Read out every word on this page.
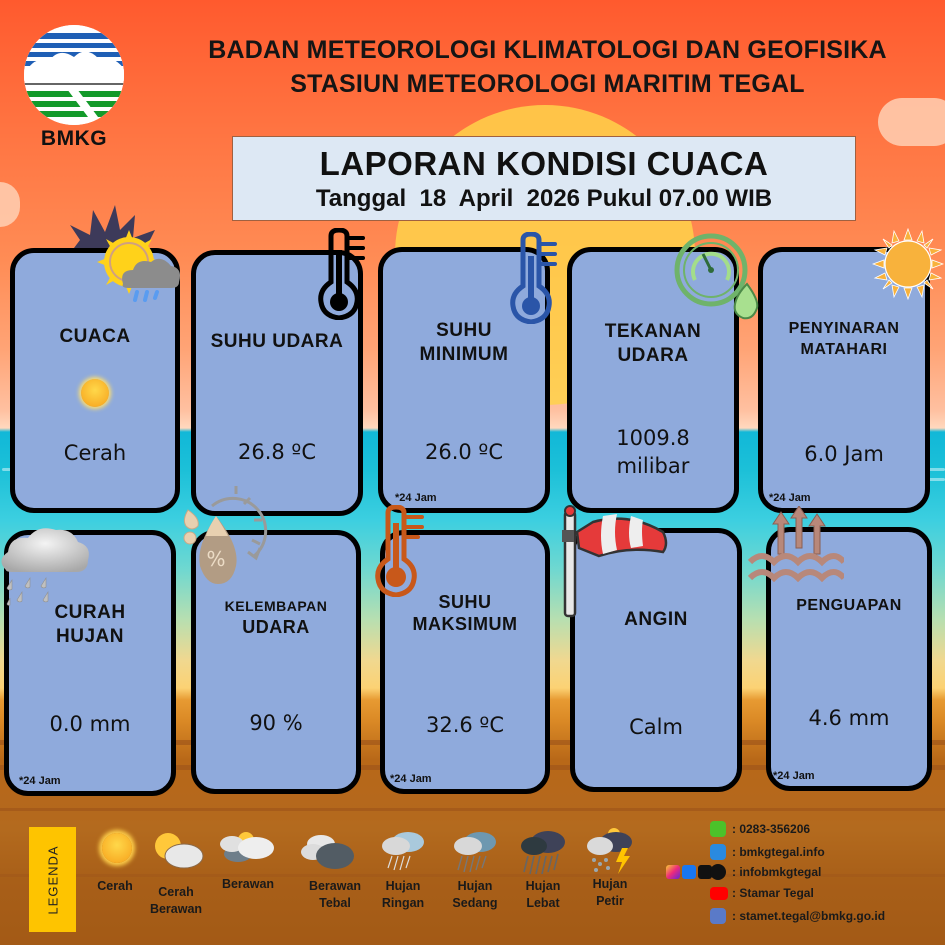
BMKG
BADAN METEOROLOGI KLIMATOLOGI DAN GEOFISIKA
STASIUN METEOROLOGI MARITIM TEGAL
LAPORAN KONDISI CUACA
Tanggal  18  April  2026 Pukul 07.00 WIB
CUACA
Cerah
SUHU UDARA
26.8 ºC
SUHU MINIMUM
26.0 ºC
*24 Jam
TEKANAN UDARA
1009.8
milibar
PENYINARAN MATAHARI
6.0 Jam
*24 Jam
CURAH HUJAN
0.0 mm
*24 Jam
KELEMBAPAN
UDARA
90 %
SUHU MAKSIMUM
32.6 ºC
*24 Jam
ANGIN
Calm
PENGUAPAN
4.6 mm
*24 Jam
%
LEGENDA	Cerah	Cerah
Berawan
Berawan	Berawan
Tebal
Hujan
Ringan
Hujan
Sedang
Hujan
Lebat
Hujan
Petir
: 0283-356206
: bmkgtegal.info
: infobmkgtegal
: Stamar Tegal
: stamet.tegal@bmkg.go.id
